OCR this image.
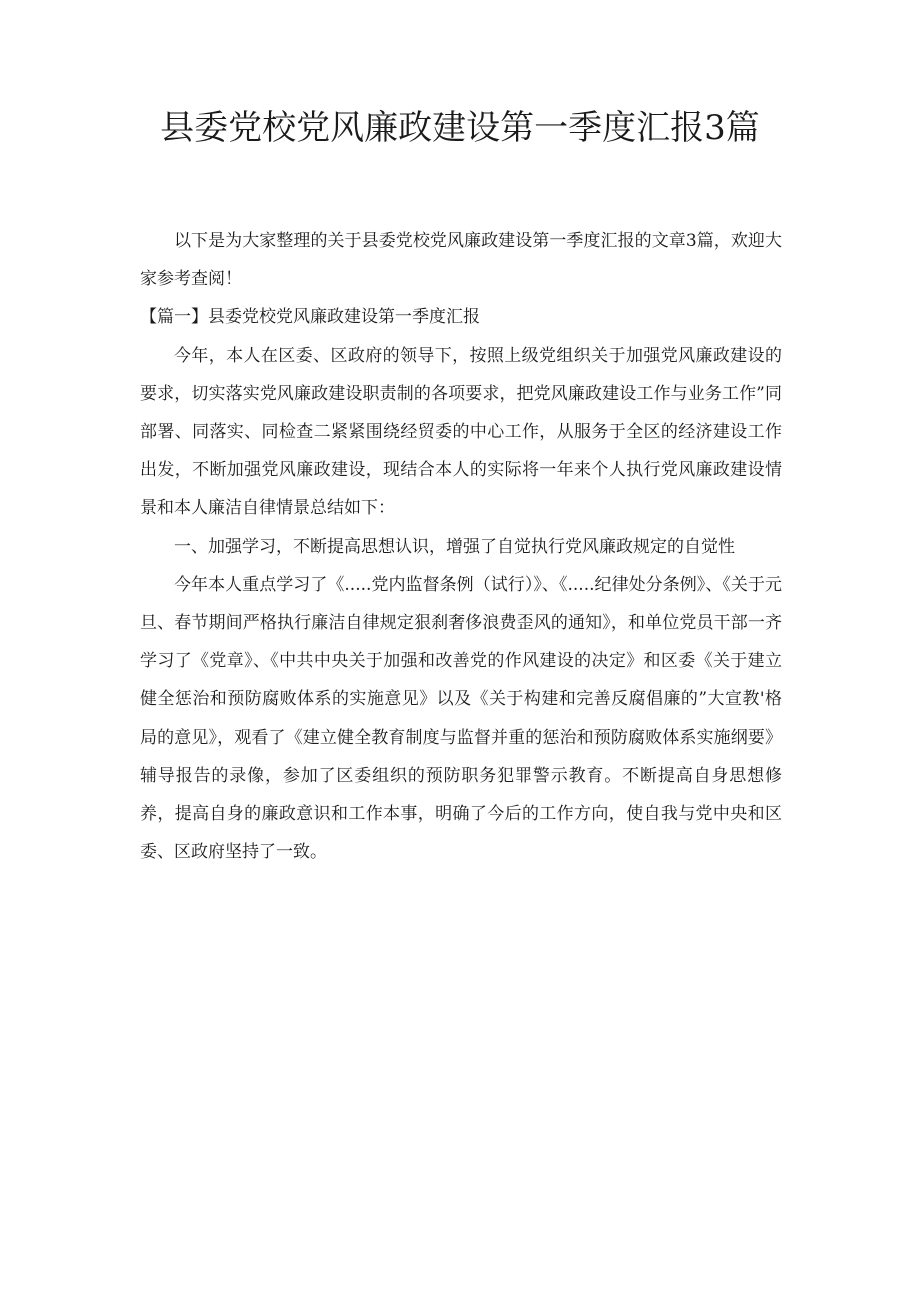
县委党校党风廉政建设第一季度汇报3篇

以下是为大家整理的关于县委党校党风廉政建设第一季度汇报的文章3篇，欢迎大家参考查阅！

【篇一】县委党校党风廉政建设第一季度汇报

今年，本人在区委、区政府的领导下，按照上级党组织关于加强党风廉政建设的要求，切实落实党风廉政建设职责制的各项要求，把党风廉政建设工作与业务工作”同部署、同落实、同检查二紧紧围绕经贸委的中心工作，从服务于全区的经济建设工作出发，不断加强党风廉政建设，现结合本人的实际将一年来个人执行党风廉政建设情景和本人廉洁自律情景总结如下：

一、加强学习，不断提高思想认识，增强了自觉执行党风廉政规定的自觉性

今年本人重点学习了《.....党内监督条例（试行）》、《.....纪律处分条例》、《关于元旦、春节期间严格执行廉洁自律规定狠刹奢侈浪费歪风的通知》，和单位党员干部一齐学习了《党章》、《中共中央关于加强和改善党的作风建设的决定》和区委《关于建立健全惩治和预防腐败体系的实施意见》以及《关于构建和完善反腐倡廉的”大宣教'格局的意见》，观看了《建立健全教育制度与监督并重的惩治和预防腐败体系实施纲要》辅导报告的录像，参加了区委组织的预防职务犯罪警示教育。不断提高自身思想修养，提高自身的廉政意识和工作本事，明确了今后的工作方向，使自我与党中央和区委、区政府坚持了一致。
